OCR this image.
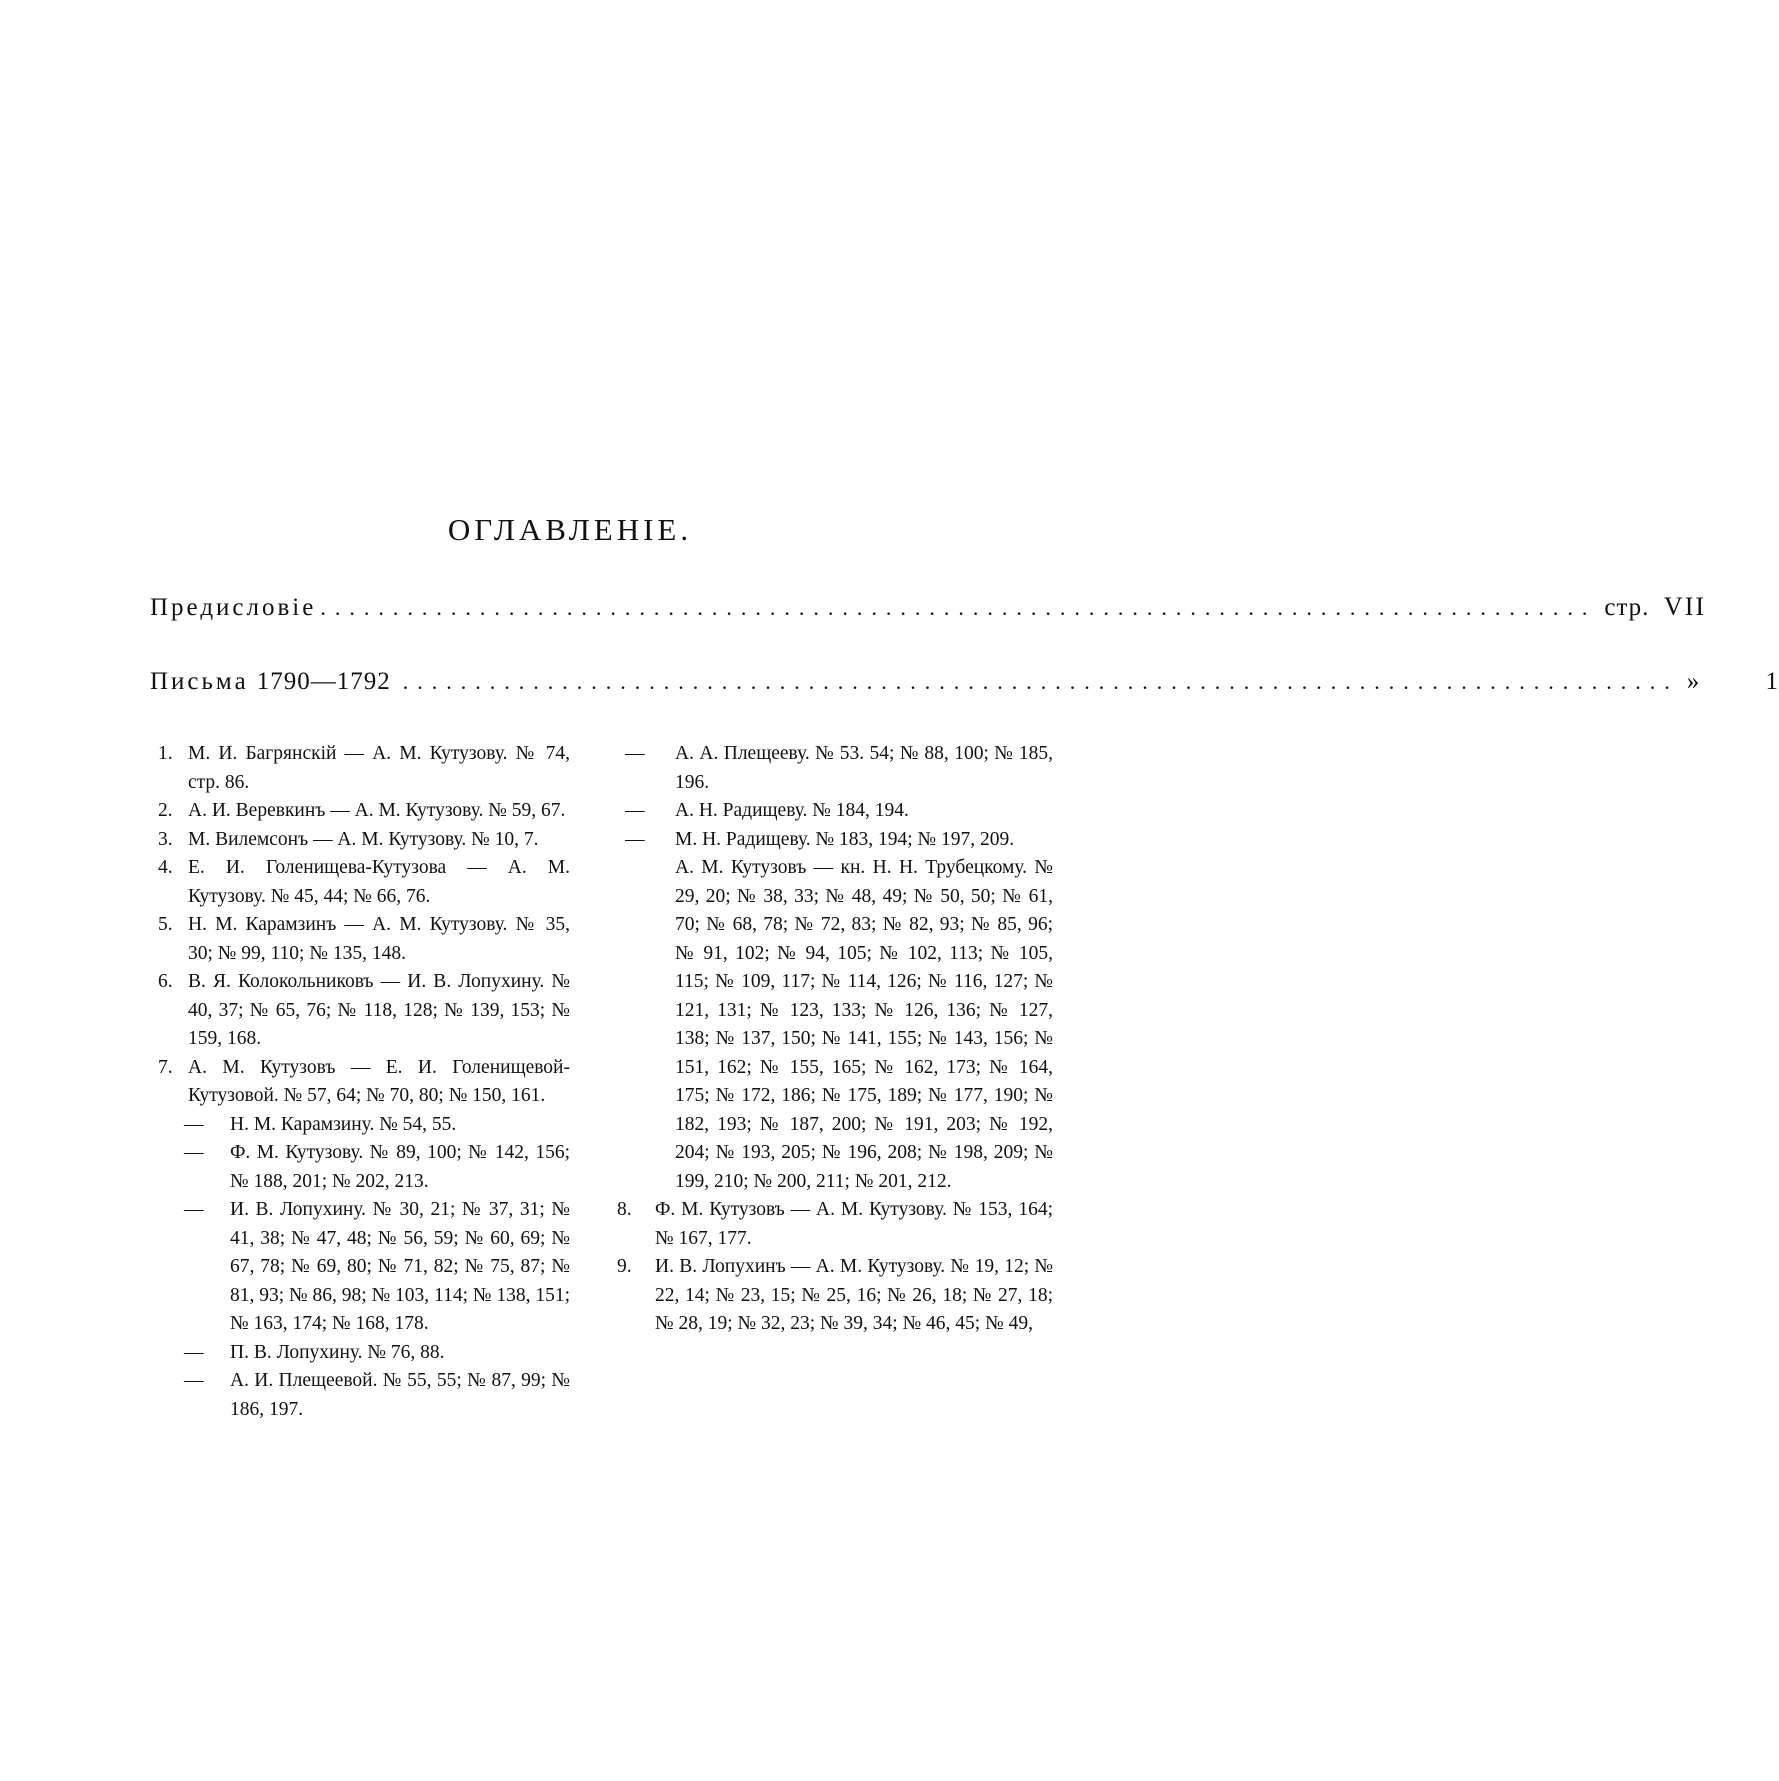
ОГЛАВЛЕНІЕ.
Предисловіе ........................................................................................ стр. VII
Письма 1790—1792 ........................................................................................ »	1
1. М. И. Багрянскій — А. М. Кутузову. № 74, стр. 86.
2. А. И. Веревкинъ — А. М. Кутузову. № 59, 67.
3. М. Вилемсонъ — А. М. Кутузову. № 10, 7.
4. Е. И. Голенищева-Кутузова — А. М. Кутузову. № 45, 44; № 66, 76.
5. Н. М. Карамзинъ — А. М. Кутузову. № 35, 30; № 99, 110; № 135, 148.
6. В. Я. Колокольниковъ — И. В. Лопухину. № 40, 37; № 65, 76; № 118, 128; № 139, 153; № 159, 168.
7. А. М. Кутузовъ — Е. И. Голенищевой-Кутузовой. № 57, 64; № 70, 80; № 150, 161.
— Н. М. Карамзину. № 54, 55.
— Ф. М. Кутузову. № 89, 100; № 142, 156; № 188, 201; № 202, 213.
— И. В. Лопухину. № 30, 21; № 37, 31; № 41, 38; № 47, 48; № 56, 59; № 60, 69; № 67, 78; № 69, 80; № 71, 82; № 75, 87; № 81, 93; № 86, 98; № 103, 114; № 138, 151; № 163, 174; № 168, 178.
— П. В. Лопухину. № 76, 88.
— А. И. Плещеевой. № 55, 55; № 87, 99; № 186, 197.
— А. А. Плещееву. № 53. 54; № 88, 100; № 185, 196.
— А. Н. Радищеву. № 184, 194.
— М. Н. Радищеву. № 183, 194; № 197, 209.
А. М. Кутузовъ — кн. Н. Н. Трубецкому. № 29, 20; № 38, 33; № 48, 49; № 50, 50; № 61, 70; № 68, 78; № 72, 83; № 82, 93; № 85, 96; № 91, 102; № 94, 105; № 102, 113; № 105, 115; № 109, 117; № 114, 126; № 116, 127; № 121, 131; № 123, 133; № 126, 136; № 127, 138; № 137, 150; № 141, 155; № 143, 156; № 151, 162; № 155, 165; № 162, 173; № 164, 175; № 172, 186; № 175, 189; № 177, 190; № 182, 193; № 187, 200; № 191, 203; № 192, 204; № 193, 205; № 196, 208; № 198, 209; № 199, 210; № 200, 211; № 201, 212.
8. Ф. М. Кутузовъ — А. М. Кутузову. № 153, 164; № 167, 177.
9. И. В. Лопухинъ — А. М. Кутузову. № 19, 12; № 22, 14; № 23, 15; № 25, 16; № 26, 18; № 27, 18; № 28, 19; № 32, 23; № 39, 34; № 46, 45; № 49,
